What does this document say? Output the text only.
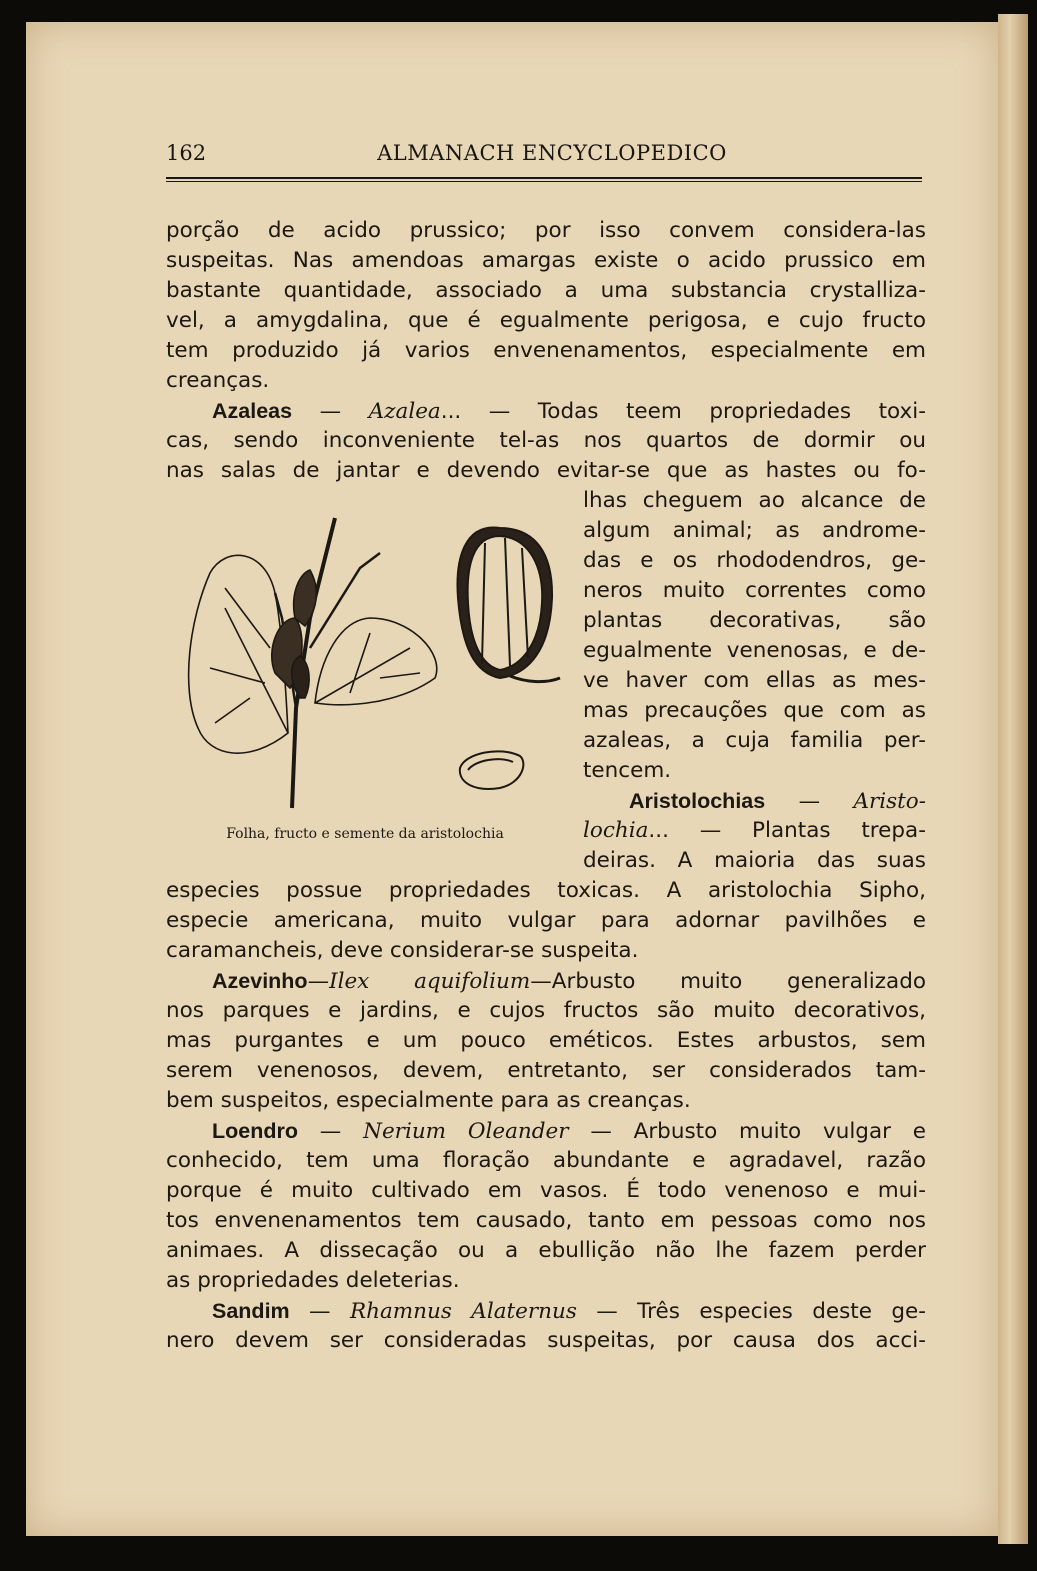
162	ALMANACH ENCYCLOPEDICO
porção de acido prussico; por isso convem considera-las
suspeitas. Nas amendoas amargas existe o acido prussico em
bastante quantidade, associado a uma substancia crystalliza-
vel, a amygdalina, que é egualmente perigosa, e cujo fructo
tem produzido já varios envenenamentos, especialmente em
creanças.
Azaleas — Azalea... — Todas teem propriedades toxi-
cas, sendo inconveniente tel-as nos quartos de dormir ou
nas salas de jantar e devendo evitar-se que as hastes ou fo-
lhas cheguem ao alcance de
algum animal; as androme-
das e os rhododendros, ge-
neros muito correntes como
plantas decorativas, são
egualmente venenosas, e de-
ve haver com ellas as mes-
mas precauções que com as
azaleas, a cuja familia per-
tencem.
Aristolochias — Aristo-
lochia... — Plantas trepa-
deiras. A maioria das suas
especies possue propriedades toxicas. A aristolochia Sipho,
especie americana, muito vulgar para adornar pavilhões e
caramancheis, deve considerar-se suspeita.
Azevinho—Ilex aquifolium—Arbusto muito generalizado
nos parques e jardins, e cujos fructos são muito decorativos,
mas purgantes e um pouco eméticos. Estes arbustos, sem
serem venenosos, devem, entretanto, ser considerados tam-
bem suspeitos, especialmente para as creanças.
Loendro — Nerium Oleander — Arbusto muito vulgar e
conhecido, tem uma floração abundante e agradavel, razão
porque é muito cultivado em vasos. É todo venenoso e mui-
tos envenenamentos tem causado, tanto em pessoas como nos
animaes. A dissecação ou a ebullição não lhe fazem perder
as propriedades deleterias.
Sandim — Rhamnus Alaternus — Três especies deste ge-
nero devem ser consideradas suspeitas, por causa dos acci-
Folha, fructo e semente da aristolochia
